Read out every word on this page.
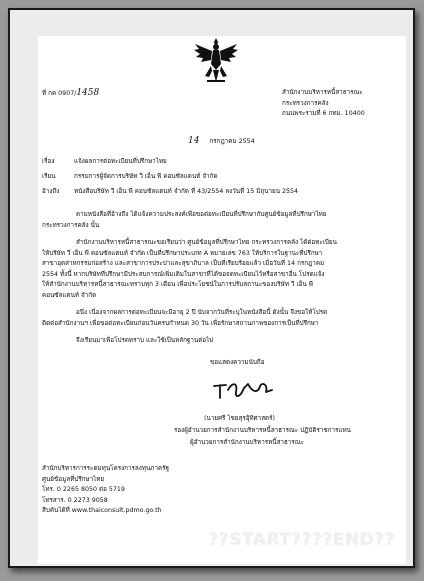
ที่ กค 0907/1458	สำนักงานบริหารหนี้สาธารณะ
กระทรวงการคลัง
ถนนพระรามที่ 6 กทม. 10400
14 กรกฎาคม 2554
เรื่อง	แจ้งผลการต่อทะเบียนที่ปรึกษาไทย
เรียน	กรรมการผู้จัดการบริษัท วี เอ็น พี คอนซัลแตนท์ จำกัด
อ้างถึง หนังสือบริษัท วี เอ็น พี คอนซัลแตนท์ จำกัด ที่ 43/2554 ลงวันที่ 15 มิถุนายน 2554
ตามหนังสือที่อ้างถึง ได้แจ้งความประสงค์เพื่อขอต่อทะเบียนที่ปรึกษากับศูนย์ข้อมูลที่ปรึกษาไทย
กระทรวงการคลัง นั้น
สำนักงานบริหารหนี้สาธารณะขอเรียนว่า ศูนย์ข้อมูลที่ปรึกษาไทย กระทรวงการคลัง ได้ต่อทะเบียน
ให้บริษัท วี เอ็น พี คอนซัลแตนท์ จำกัด เป็นที่ปรึกษาประเภท A หมายเลข 763 ให้บริการในฐานะที่ปรึกษา
สาขาอุตสาหกรรมก่อสร้าง และสาขาการประปาและสุขาภิบาล เป็นที่เรียบร้อยแล้ว เมื่อวันที่ 14 กรกฎาคม
2554 ทั้งนี้ หากบริษัทที่ปรึกษามีประสบการณ์เพิ่มเติมในสาขาที่ได้ขอจดทะเบียนไว้หรือสาขาอื่น โปรดแจ้ง
ให้สำนักงานบริหารหนี้สาธารณะทราบทุก 3 เดือน เพื่อประโยชน์ในการปรับสถานะของบริษัท วี เอ็น พี
คอนซัลแตนท์ จำกัด
อนึ่ง เนื่องจากผลการต่อทะเบียนจะมีอายุ 2 ปี นับจากวันที่ระบุในหนังสือนี้ ดังนั้น จึงขอให้โปรด
ติดต่อสำนักงานฯ เพื่อขอต่อทะเบียนก่อนวันครบกำหนด 30 วัน เพื่อรักษาสถานภาพของการเป็นที่ปรึกษา
จึงเรียนมาเพื่อโปรดทราบ และใช้เป็นหลักฐานต่อไป
ขอแสดงความนับถือ
(นายศรี ไชยสุรอุ้ทิศาสตร์)
รองผู้อำนวยการสำนักงานบริหารหนี้สาธารณะ ปฏิบัติราชการแทน
ผู้อำนวยการสำนักงานบริหารหนี้สาธารณะ
สำนักบริหารการระดมทุนโครงการลงทุนภาครัฐ
ศูนย์ข้อมูลที่ปรึกษาไทย
โทร. 0 2265 8050 ต่อ 5719
โทรสาร. 0 2273 9058
สืบค้นได้ที่ www.thaiconsult.pdmo.go.th
??START????END??
